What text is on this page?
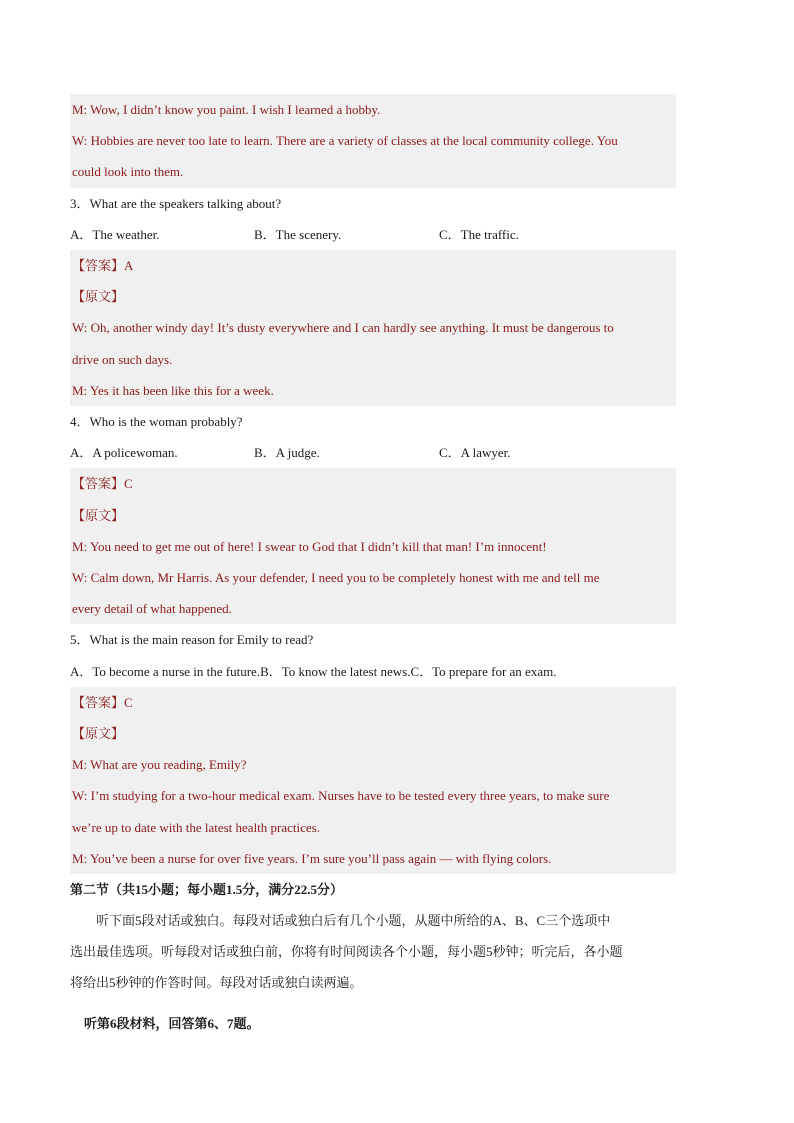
M: Wow, I didn’t know you paint. I wish I learned a hobby.
W: Hobbies are never too late to learn. There are a variety of classes at the local community college. You
could look into them.
3．What are the speakers talking about?
A．The weather.	B．The scenery.	C．The traffic.
【答案】A
【原文】
W: Oh, another windy day! It’s dusty everywhere and I can hardly see anything. It must be dangerous to
drive on such days.
M: Yes it has been like this for a week.
4．Who is the woman probably?
A．A policewoman.	B．A judge.	C．A lawyer.
【答案】C
【原文】
M: You need to get me out of here! I swear to God that I didn’t kill that man! I’m innocent!
W: Calm down, Mr Harris. As your defender, I need you to be completely honest with me and tell me
every detail of what happened.
5．What is the main reason for Emily to read?
A．To become a nurse in the future.B．To know the latest news.C．To prepare for an exam.
【答案】C
【原文】
M: What are you reading, Emily?
W: I’m studying for a two-hour medical exam. Nurses have to be tested every three years, to make sure
we’re up to date with the latest health practices.
M: You’ve been a nurse for over five years. I’m sure you’ll pass again — with flying colors.
第二节（共15小题；每小题1.5分，满分22.5分）
听下面5段对话或独白。每段对话或独白后有几个小题，从题中所给的A、B、C三个选项中
选出最佳选项。听每段对话或独白前，你将有时间阅读各个小题，每小题5秒钟；听完后，各小题
将给出5秒钟的作答时间。每段对话或独白读两遍。
听第6段材料，回答第6、7题。
